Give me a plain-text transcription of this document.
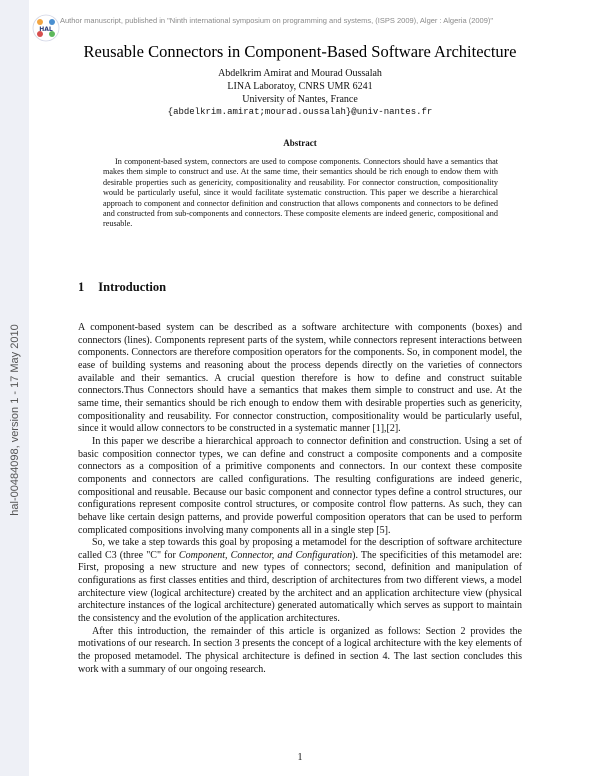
hal-00484098, version 1 - 17 May 2010
HAL
Author manuscript, published in "Ninth international symposium on programming and systems, (ISPS 2009), Alger : Algeria (2009)"
Reusable Connectors in Component-Based Software Architecture
Abdelkrim Amirat and Mourad Oussalah
LINA Laboratoy, CNRS UMR 6241
University of Nantes, France
{abdelkrim.amirat;mourad.oussalah}@univ-nantes.fr
Abstract

In component-based system, connectors are used to compose components. Connectors should have a semantics that makes them simple to construct and use. At the same time, their semantics should be rich enough to endow them with desirable properties such as genericity, compositionality and reusability. For connector construction, compositionality would be particularly useful, since it would facilitate systematic construction. This paper we describe a hierarchical approach to component and connector definition and construction that allows components and connectors to be defined and constructed from sub-components and connectors. These composite elements are indeed generic, compositional and reusable.

1 Introduction

A component-based system can be described as a software architecture with components (boxes) and connectors (lines). Components represent parts of the system, while connectors represent interactions between components. Connectors are therefore composition operators for the components. So, in component model, the ease of building systems and reasoning about the process depends directly on the varieties of connectors available and their semantics. A crucial question therefore is how to define and construct suitable connectors.Thus Connectors should have a semantics that makes them simple to construct and use. At the same time, their semantics should be rich enough to endow them with desirable properties such as genericity, compositionality and reusability. For connector construction, compositionality would be particularly useful, since it would allow connectors to be constructed in a systematic manner [1],[2].

In this paper we describe a hierarchical approach to connector definition and construction. Using a set of basic composition connector types, we can define and construct a composite components and a composite connectors as a composition of a primitive components and connectors. In our context these composite components and connectors are called configurations. The resulting configurations are indeed generic, compositional and reusable. Because our basic component and connector types define a control structures, our configurations represent composite control structures, or composite control flow patterns. As such, they can behave like certain design patterns, and provide powerful composition operators that can be used to perform complicated compositions involving many components all in a single step [5].

So, we take a step towards this goal by proposing a metamodel for the description of software architecture called C3 (three "C" for Component, Connector, and Configuration). The specificities of this metamodel are: First, proposing a new structure and new types of connectors; second, definition and manipulation of configurations as first classes entities and third, description of architectures from two different views, a model architecture view (logical architecture) created by the architect and an application architecture view (physical architecture instances of the logical architecture) generated automatically which serves as support to maintain the consistency and the evolution of the application architectures.

After this introduction, the remainder of this article is organized as follows: Section 2 provides the motivations of our research. In section 3 presents the concept of a logical architecture with the key elements of the proposed metamodel. The physical architecture is defined in section 4. The last section concludes this work with a summary of our ongoing research.

1
